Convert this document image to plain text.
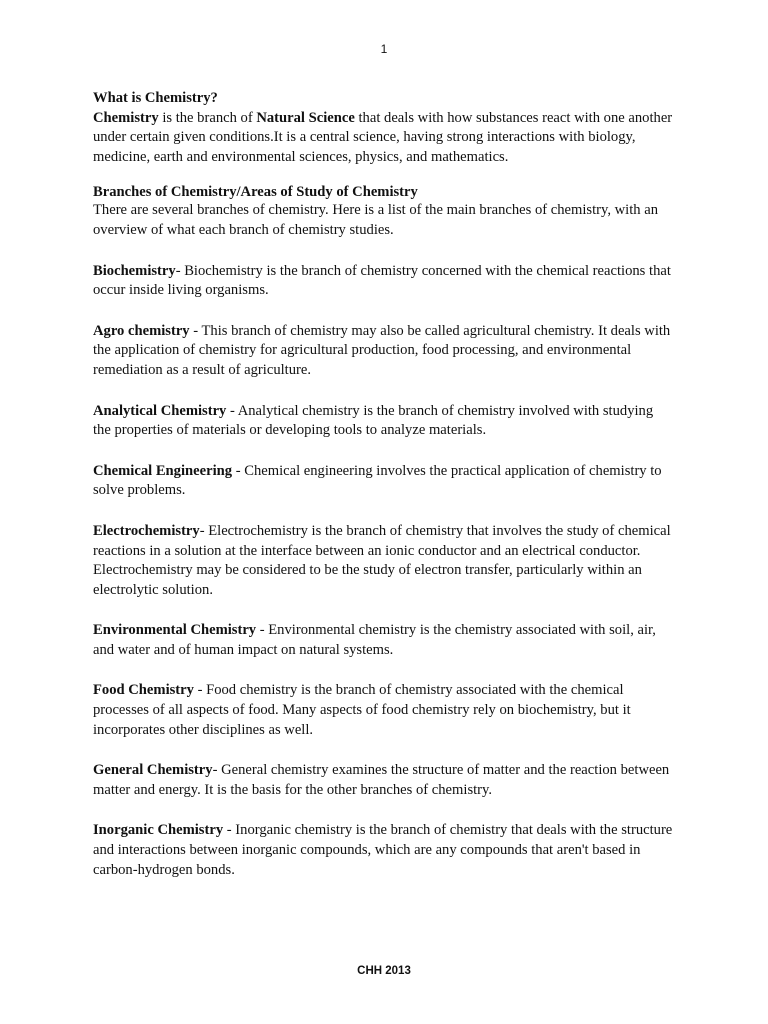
1

What is Chemistry?

Chemistry is the branch of Natural Science that deals with how substances react with one another under certain given conditions.It is a central science, having strong interactions with biology, medicine, earth and environmental sciences, physics, and mathematics.

Branches of Chemistry/Areas of Study of Chemistry

There are several branches of chemistry. Here is a list of the main branches of chemistry, with an overview of what each branch of chemistry studies.

Biochemistry- Biochemistry is the branch of chemistry concerned with the chemical reactions that occur inside living organisms.

Agro chemistry - This branch of chemistry may also be called agricultural chemistry. It deals with the application of chemistry for agricultural production, food processing, and environmental remediation as a result of agriculture.

Analytical Chemistry - Analytical chemistry is the branch of chemistry involved with studying the properties of materials or developing tools to analyze materials.

Chemical Engineering - Chemical engineering involves the practical application of chemistry to solve problems.

Electrochemistry- Electrochemistry is the branch of chemistry that involves the study of chemical reactions in a solution at the interface between an ionic conductor and an electrical conductor. Electrochemistry may be considered to be the study of electron transfer, particularly within an electrolytic solution.

Environmental Chemistry - Environmental chemistry is the chemistry associated with soil, air, and water and of human impact on natural systems.

Food Chemistry - Food chemistry is the branch of chemistry associated with the chemical processes of all aspects of food. Many aspects of food chemistry rely on biochemistry, but it incorporates other disciplines as well.

General Chemistry- General chemistry examines the structure of matter and the reaction between matter and energy. It is the basis for the other branches of chemistry.

Inorganic Chemistry - Inorganic chemistry is the branch of chemistry that deals with the structure and interactions between inorganic compounds, which are any compounds that aren't based in carbon-hydrogen bonds.

CHH 2013
